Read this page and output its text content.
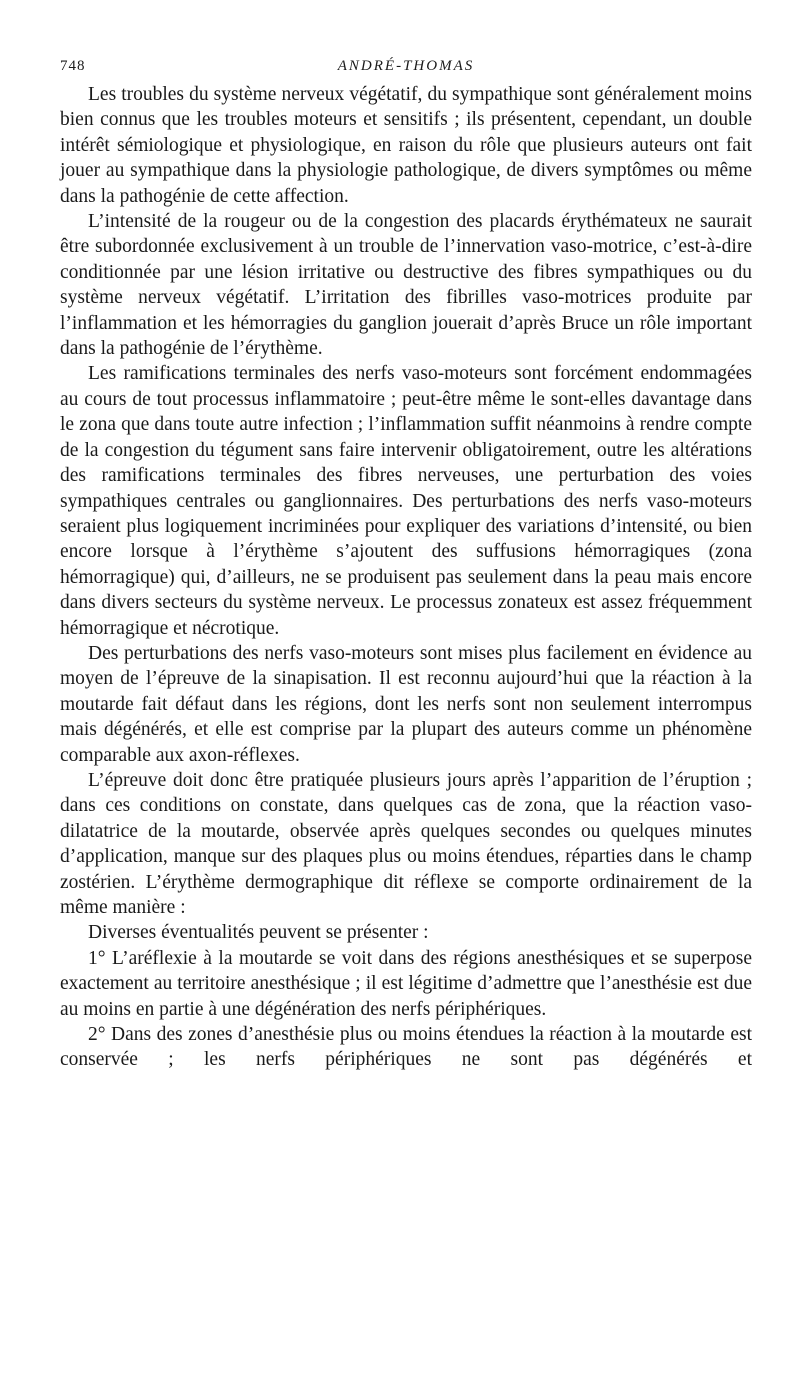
748	ANDRÉ-THOMAS

Les troubles du système nerveux végétatif, du sympathique sont généralement moins bien connus que les troubles moteurs et sensitifs ; ils présentent, cependant, un double intérêt sémiologique et physiologique, en raison du rôle que plusieurs auteurs ont fait jouer au sympathique dans la physiologie pathologique, de divers symptômes ou même dans la pathogénie de cette affection.

L’intensité de la rougeur ou de la congestion des placards érythémateux ne saurait être subordonnée exclusivement à un trouble de l’innervation vaso-motrice, c’est-à-dire conditionnée par une lésion irritative ou destructive des fibres sympathiques ou du système nerveux végétatif. L’irritation des fibrilles vaso-motrices produite par l’inflammation et les hémorragies du ganglion jouerait d’après Bruce un rôle important dans la pathogénie de l’érythème.

Les ramifications terminales des nerfs vaso-moteurs sont forcément endommagées au cours de tout processus inflammatoire ; peut-être même le sont-elles davantage dans le zona que dans toute autre infection ; l’inflammation suffit néanmoins à rendre compte de la congestion du tégument sans faire intervenir obligatoirement, outre les altérations des ramifications terminales des fibres nerveuses, une perturbation des voies sympathiques centrales ou ganglionnaires. Des perturbations des nerfs vaso-moteurs seraient plus logiquement incriminées pour expliquer des variations d’intensité, ou bien encore lorsque à l’érythème s’ajoutent des suffusions hémorragiques (zona hémorragique) qui, d’ailleurs, ne se produisent pas seulement dans la peau mais encore dans divers secteurs du système nerveux. Le processus zonateux est assez fréquemment hémorragique et nécrotique.

Des perturbations des nerfs vaso-moteurs sont mises plus facilement en évidence au moyen de l’épreuve de la sinapisation. Il est reconnu aujourd’hui que la réaction à la moutarde fait défaut dans les régions, dont les nerfs sont non seulement interrompus mais dégénérés, et elle est comprise par la plupart des auteurs comme un phénomène comparable aux axon-réflexes.

L’épreuve doit donc être pratiquée plusieurs jours après l’apparition de l’éruption ; dans ces conditions on constate, dans quelques cas de zona, que la réaction vaso-dilatatrice de la moutarde, observée après quelques secondes ou quelques minutes d’application, manque sur des plaques plus ou moins étendues, réparties dans le champ zostérien. L’érythème dermographique dit réflexe se comporte ordinairement de la même manière :

Diverses éventualités peuvent se présenter :

1° L’aréflexie à la moutarde se voit dans des régions anesthésiques et se superpose exactement au territoire anesthésique ; il est légitime d’admettre que l’anesthésie est due au moins en partie à une dégénération des nerfs périphériques.

2° Dans des zones d’anesthésie plus ou moins étendues la réaction à la moutarde est conservée ; les nerfs périphériques ne sont pas dégénérés et
